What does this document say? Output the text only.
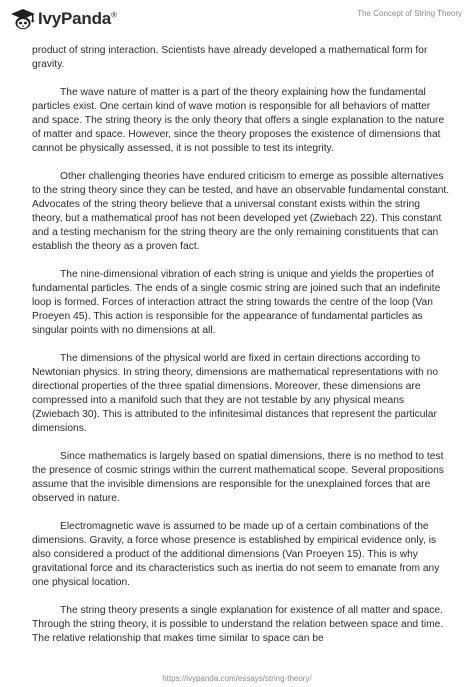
IvyPanda®	The Concept of String Theory

product of string interaction. Scientists have already developed a mathematical form for gravity.

The wave nature of matter is a part of the theory explaining how the fundamental particles exist. One certain kind of wave motion is responsible for all behaviors of matter and space. The string theory is the only theory that offers a single explanation to the nature of matter and space. However, since the theory proposes the existence of dimensions that cannot be physically assessed, it is not possible to test its integrity.

Other challenging theories have endured criticism to emerge as possible alternatives to the string theory since they can be tested, and have an observable fundamental constant. Advocates of the string theory believe that a universal constant exists within the string theory, but a mathematical proof has not been developed yet (Zwiebach 22). This constant and a testing mechanism for the string theory are the only remaining constituents that can establish the theory as a proven fact.

The nine-dimensional vibration of each string is unique and yields the properties of fundamental particles. The ends of a single cosmic string are joined such that an indefinite loop is formed. Forces of interaction attract the string towards the centre of the loop (Van Proeyen 45). This action is responsible for the appearance of fundamental particles as singular points with no dimensions at all.

The dimensions of the physical world are fixed in certain directions according to Newtonian physics. In string theory, dimensions are mathematical representations with no directional properties of the three spatial dimensions. Moreover, these dimensions are compressed into a manifold such that they are not testable by any physical means (Zwiebach 30). This is attributed to the infinitesimal distances that represent the particular dimensions.

Since mathematics is largely based on spatial dimensions, there is no method to test the presence of cosmic strings within the current mathematical scope. Several propositions assume that the invisible dimensions are responsible for the unexplained forces that are observed in nature.

Electromagnetic wave is assumed to be made up of a certain combinations of the dimensions. Gravity, a force whose presence is established by empirical evidence only, is also considered a product of the additional dimensions (Van Proeyen 15). This is why gravitational force and its characteristics such as inertia do not seem to emanate from any one physical location.

The string theory presents a single explanation for existence of all matter and space. Through the string theory, it is possible to understand the relation between space and time. The relative relationship that makes time similar to space can be

https://ivypanda.com/essays/string-theory/
